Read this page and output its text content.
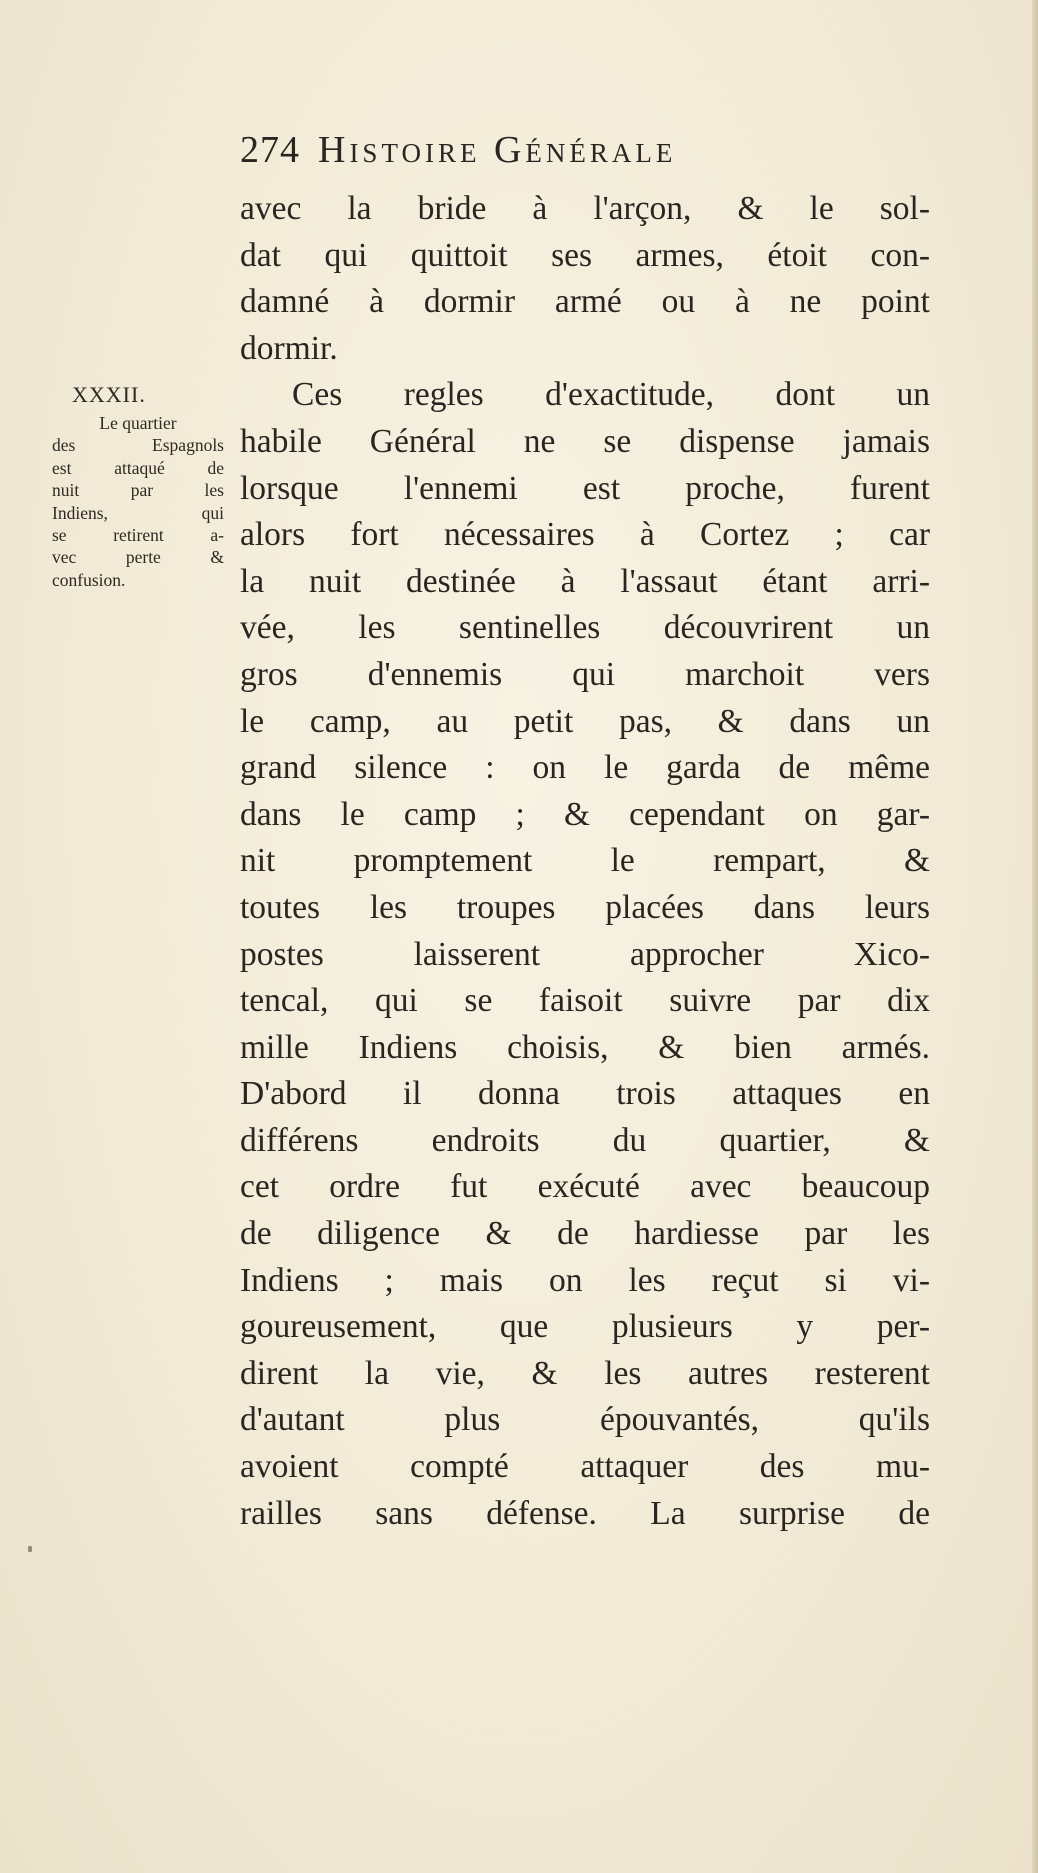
274 Histoire Générale
XXXII.
Le quartier
des Espagnols
est attaqué de
nuit par les
Indiens, qui
se retirent a-
vec perte &
confusion.
avec la bride à l'arçon, & le sol-
dat qui quittoit ses armes, étoit con-
damné à dormir armé ou à ne point
dormir.
Ces regles d'exactitude, dont un
habile Général ne se dispense jamais
lorsque l'ennemi est proche, furent
alors fort nécessaires à Cortez ; car
la nuit destinée à l'assaut étant arri-
vée, les sentinelles découvrirent un
gros d'ennemis qui marchoit vers
le camp, au petit pas, & dans un
grand silence : on le garda de même
dans le camp ; & cependant on gar-
nit promptement le rempart, &
toutes les troupes placées dans leurs
postes laisserent approcher Xico-
tencal, qui se faisoit suivre par dix
mille Indiens choisis, & bien armés.
D'abord il donna trois attaques en
différens endroits du quartier, &
cet ordre fut exécuté avec beaucoup
de diligence & de hardiesse par les
Indiens ; mais on les reçut si vi-
goureusement, que plusieurs y per-
dirent la vie, & les autres resterent
d'autant plus épouvantés, qu'ils
avoient compté attaquer des mu-
railles sans défense. La surprise de
